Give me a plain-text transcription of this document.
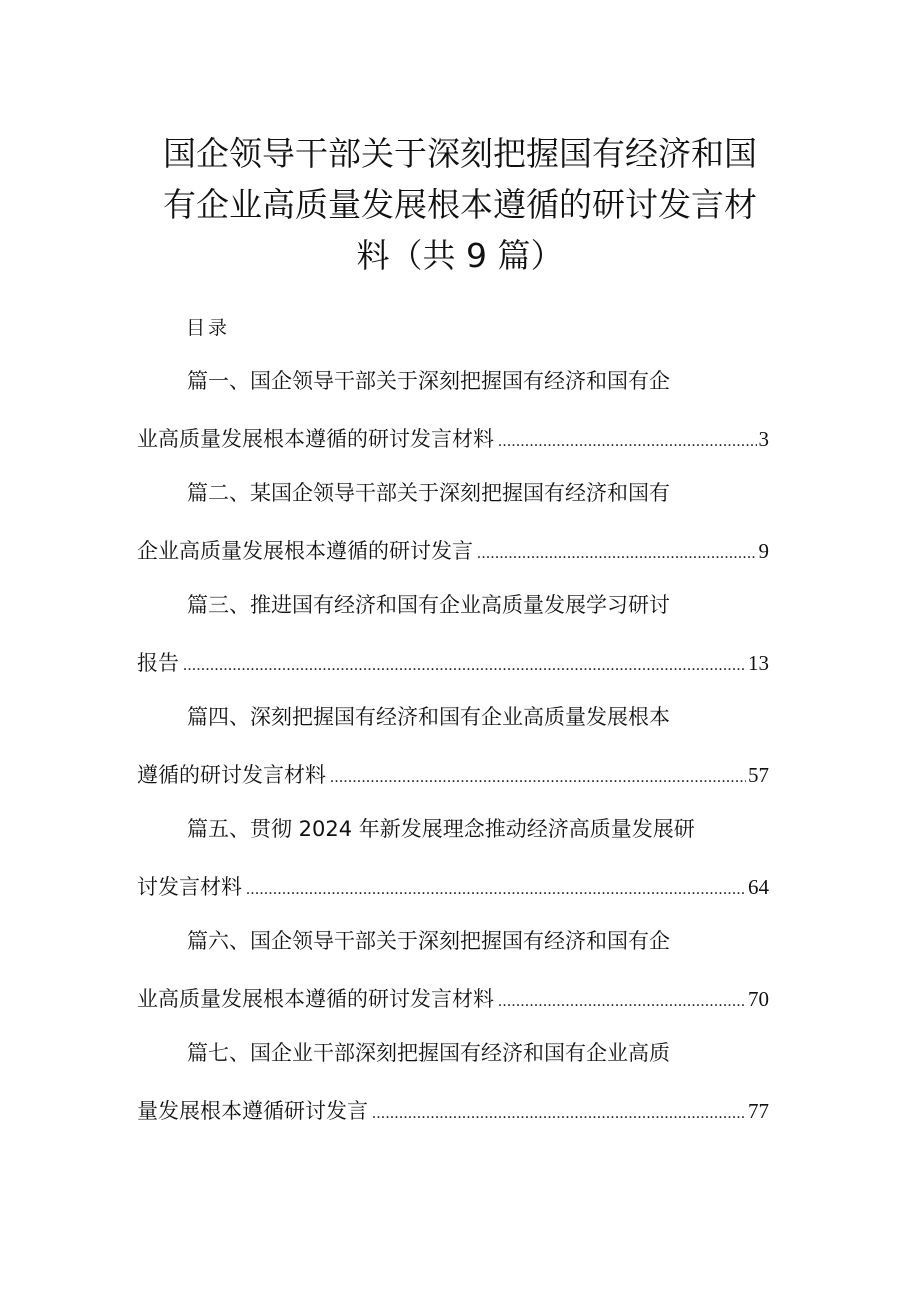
国企领导干部关于深刻把握国有经济和国
有企业高质量发展根本遵循的研讨发言材
料（共 9 篇）
目录
篇一、国企领导干部关于深刻把握国有经济和国有企
业高质量发展根本遵循的研讨发言材料 .....	3
篇二、某国企领导干部关于深刻把握国有经济和国有
企业高质量发展根本遵循的研讨发言 .....	9
篇三、推进国有经济和国有企业高质量发展学习研讨
报告 .....	13
篇四、深刻把握国有经济和国有企业高质量发展根本
遵循的研讨发言材料 .....	57
篇五、贯彻 2024 年新发展理念推动经济高质量发展研
讨发言材料 .....	64
篇六、国企领导干部关于深刻把握国有经济和国有企
业高质量发展根本遵循的研讨发言材料 .....	70
篇七、国企业干部深刻把握国有经济和国有企业高质
量发展根本遵循研讨发言 .....	77
